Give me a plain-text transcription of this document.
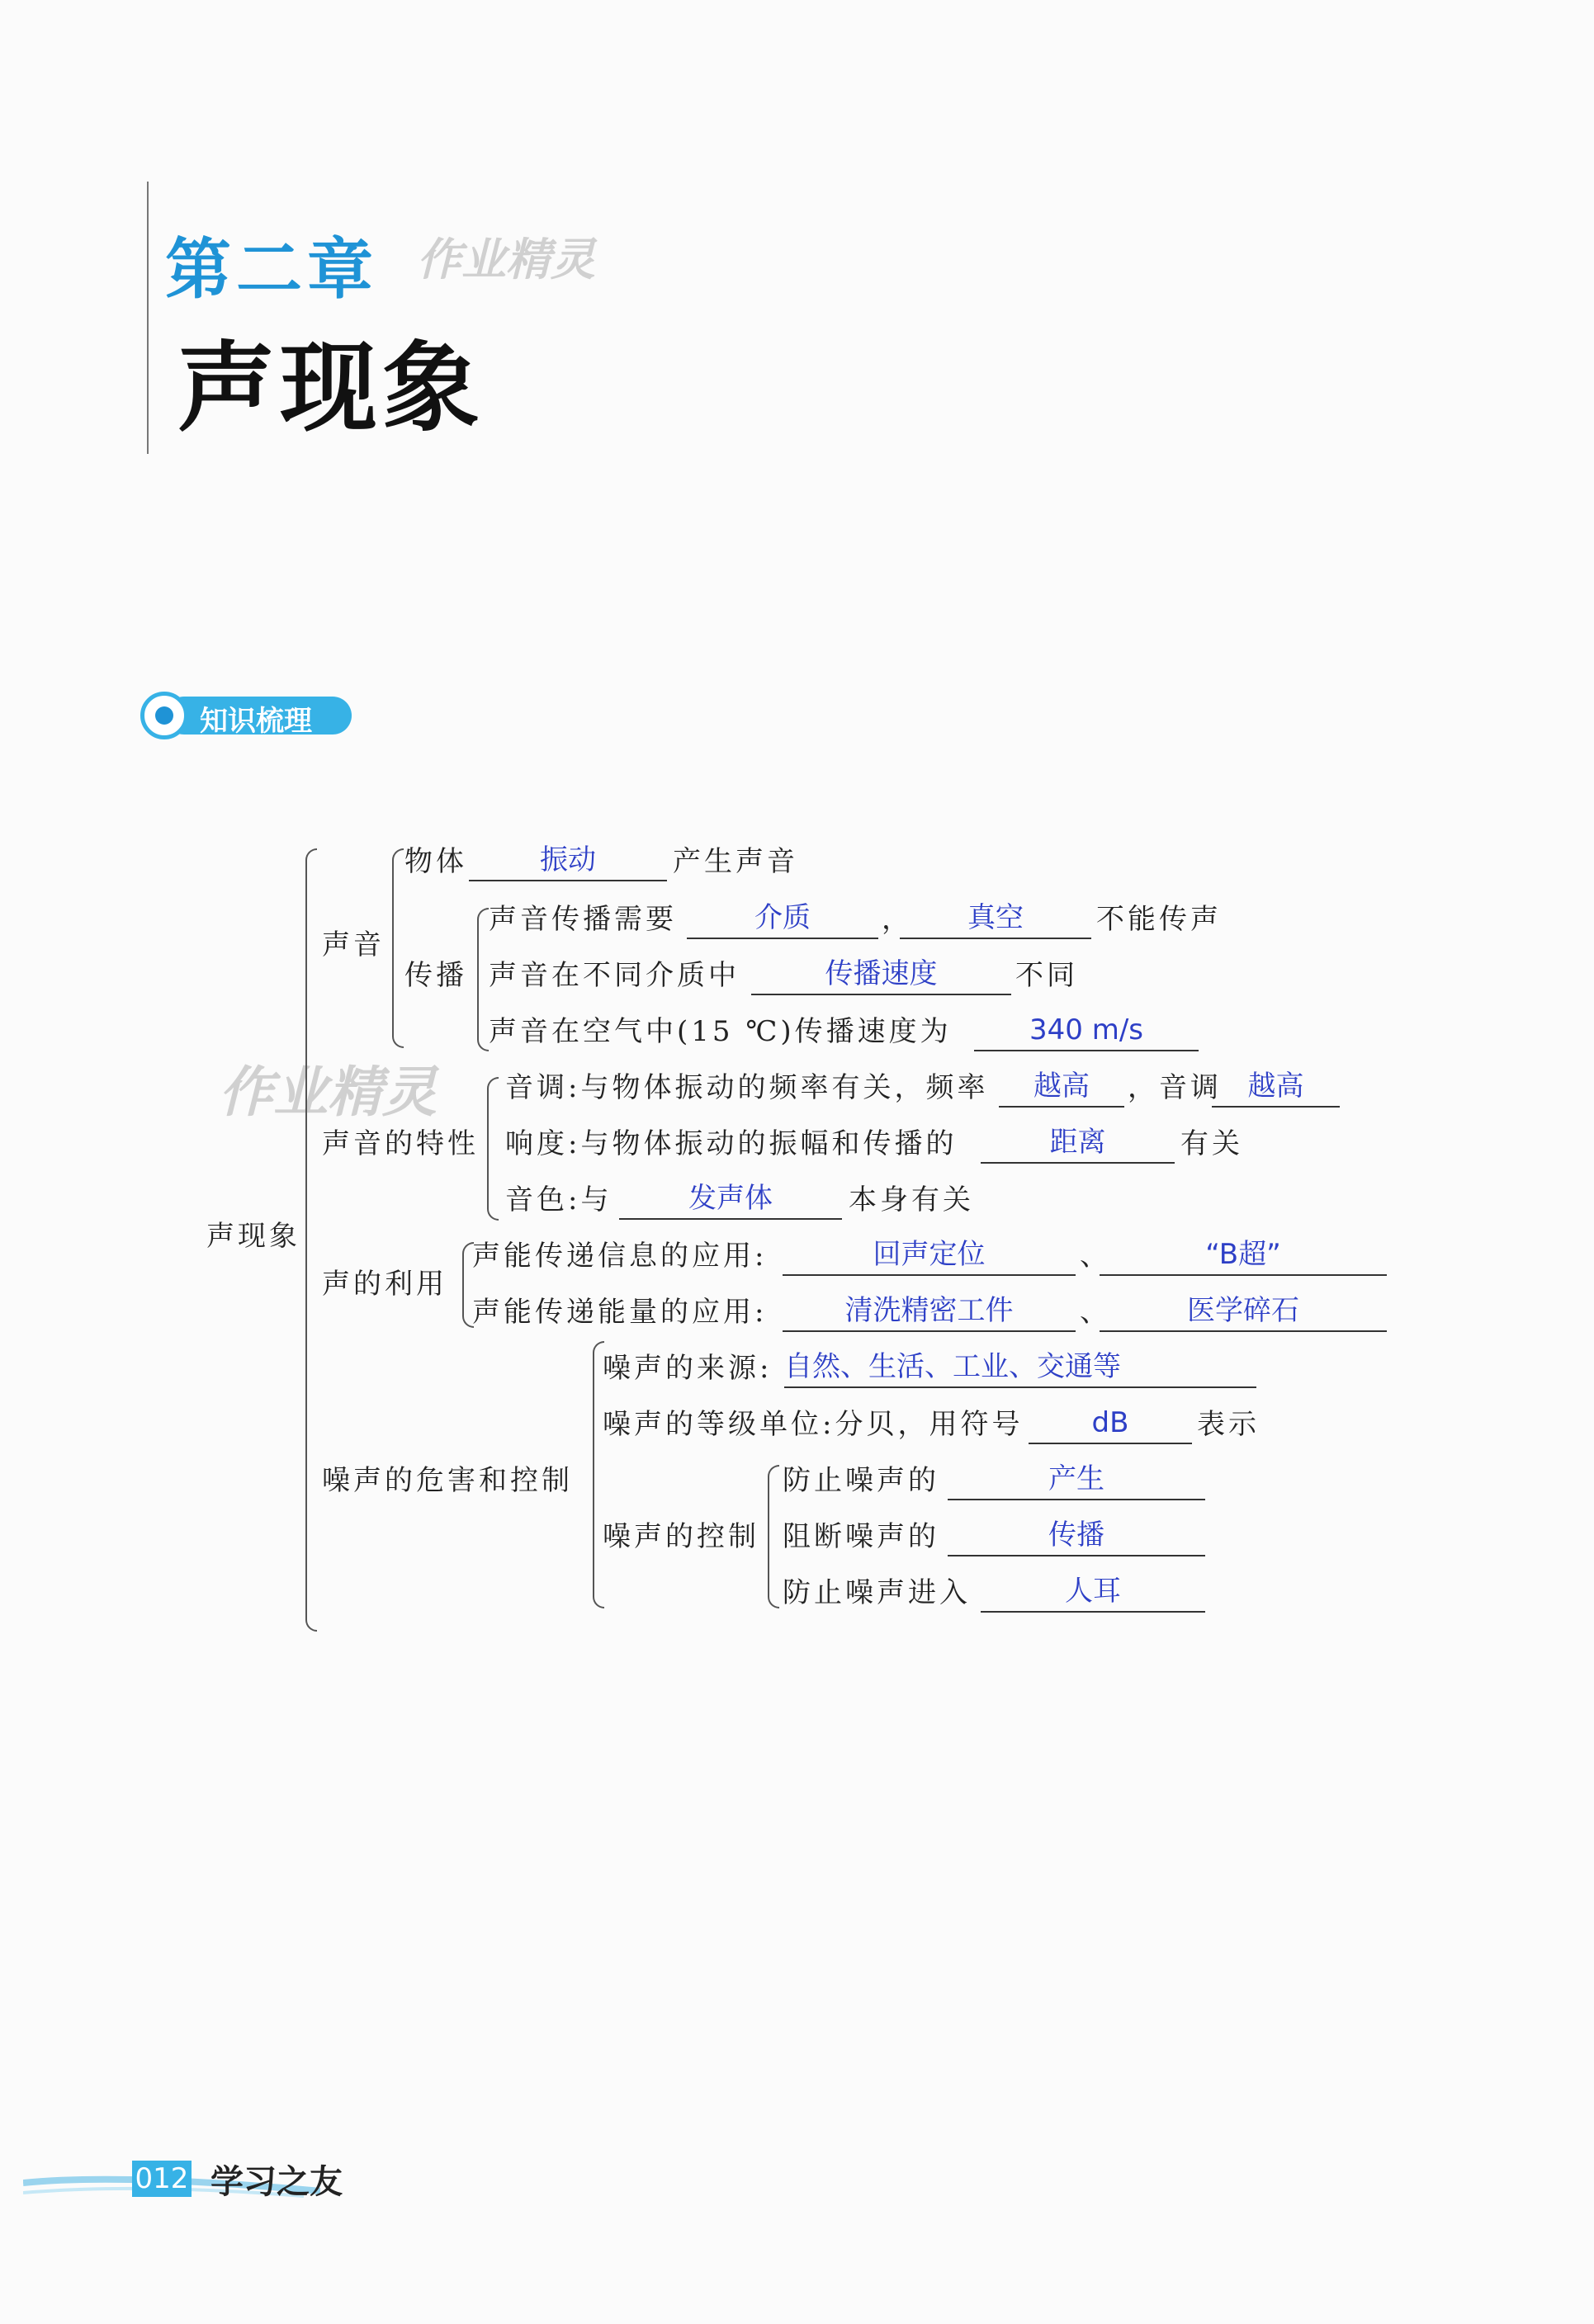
第二章 作业精灵
声现象
知识梳理
作业精灵
声现象
声音
物体	振动	产生声音
传播
声音传播需要	介质	，	真空	不能传声
声音在不同介质中	传播速度	不同
声音在空气中(15 ℃)传播速度为	340 m/s
声音的特性
音调:与物体振动的频率有关，频率	越高	，音调 越高
响度:与物体振动的振幅和传播的	距离	有关
音色:与	发声体	本身有关
声的利用
声能传递信息的应用:	回声定位	、	“B超”
声能传递能量的应用:	清洗精密工件	、	医学碎石
噪声的危害和控制
噪声的来源: 自然、生活、工业、交通等
噪声的等级单位:分贝，用符号	dB	表示
噪声的控制
防止噪声的	产生
阻断噪声的	传播
防止噪声进入	人耳
012 学习之友
